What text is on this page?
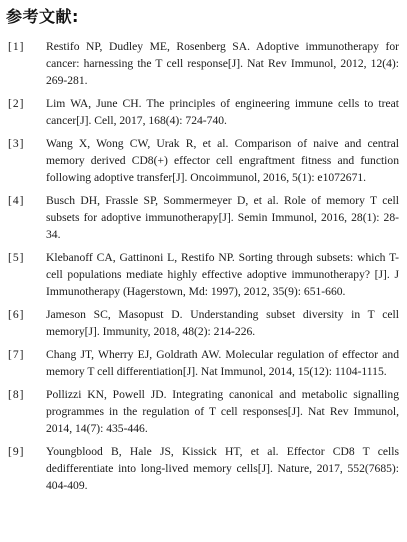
参考文献:
[1] Restifo NP, Dudley ME, Rosenberg SA. Adoptive immunotherapy for cancer: harnessing the T cell response[J]. Nat Rev Immunol, 2012, 12(4): 269-281.
[2] Lim WA, June CH. The principles of engineering immune cells to treat cancer[J]. Cell, 2017, 168(4): 724-740.
[3] Wang X, Wong CW, Urak R, et al. Comparison of naive and central memory derived CD8(+) effector cell engraftment fitness and function following adoptive transfer[J]. Oncoimmunol, 2016, 5(1): e1072671.
[4] Busch DH, Frassle SP, Sommermeyer D, et al. Role of memory T cell subsets for adoptive immunotherapy[J]. Semin Immunol, 2016, 28(1): 28-34.
[5] Klebanoff CA, Gattinoni L, Restifo NP. Sorting through subsets: which T-cell populations mediate highly effective adoptive immunotherapy? [J]. J Immunotherapy (Hagerstown, Md: 1997), 2012, 35(9): 651-660.
[6] Jameson SC, Masopust D. Understanding subset diversity in T cell memory[J]. Immunity, 2018, 48(2): 214-226.
[7] Chang JT, Wherry EJ, Goldrath AW. Molecular regulation of effector and memory T cell differentiation[J]. Nat Immunol, 2014, 15(12): 1104-1115.
[8] Pollizzi KN, Powell JD. Integrating canonical and metabolic signalling programmes in the regulation of T cell responses[J]. Nat Rev Immunol, 2014, 14(7): 435-446.
[9] Youngblood B, Hale JS, Kissick HT, et al. Effector CD8 T cells dedifferentiate into long-lived memory cells[J]. Nature, 2017, 552(7685): 404-409.
